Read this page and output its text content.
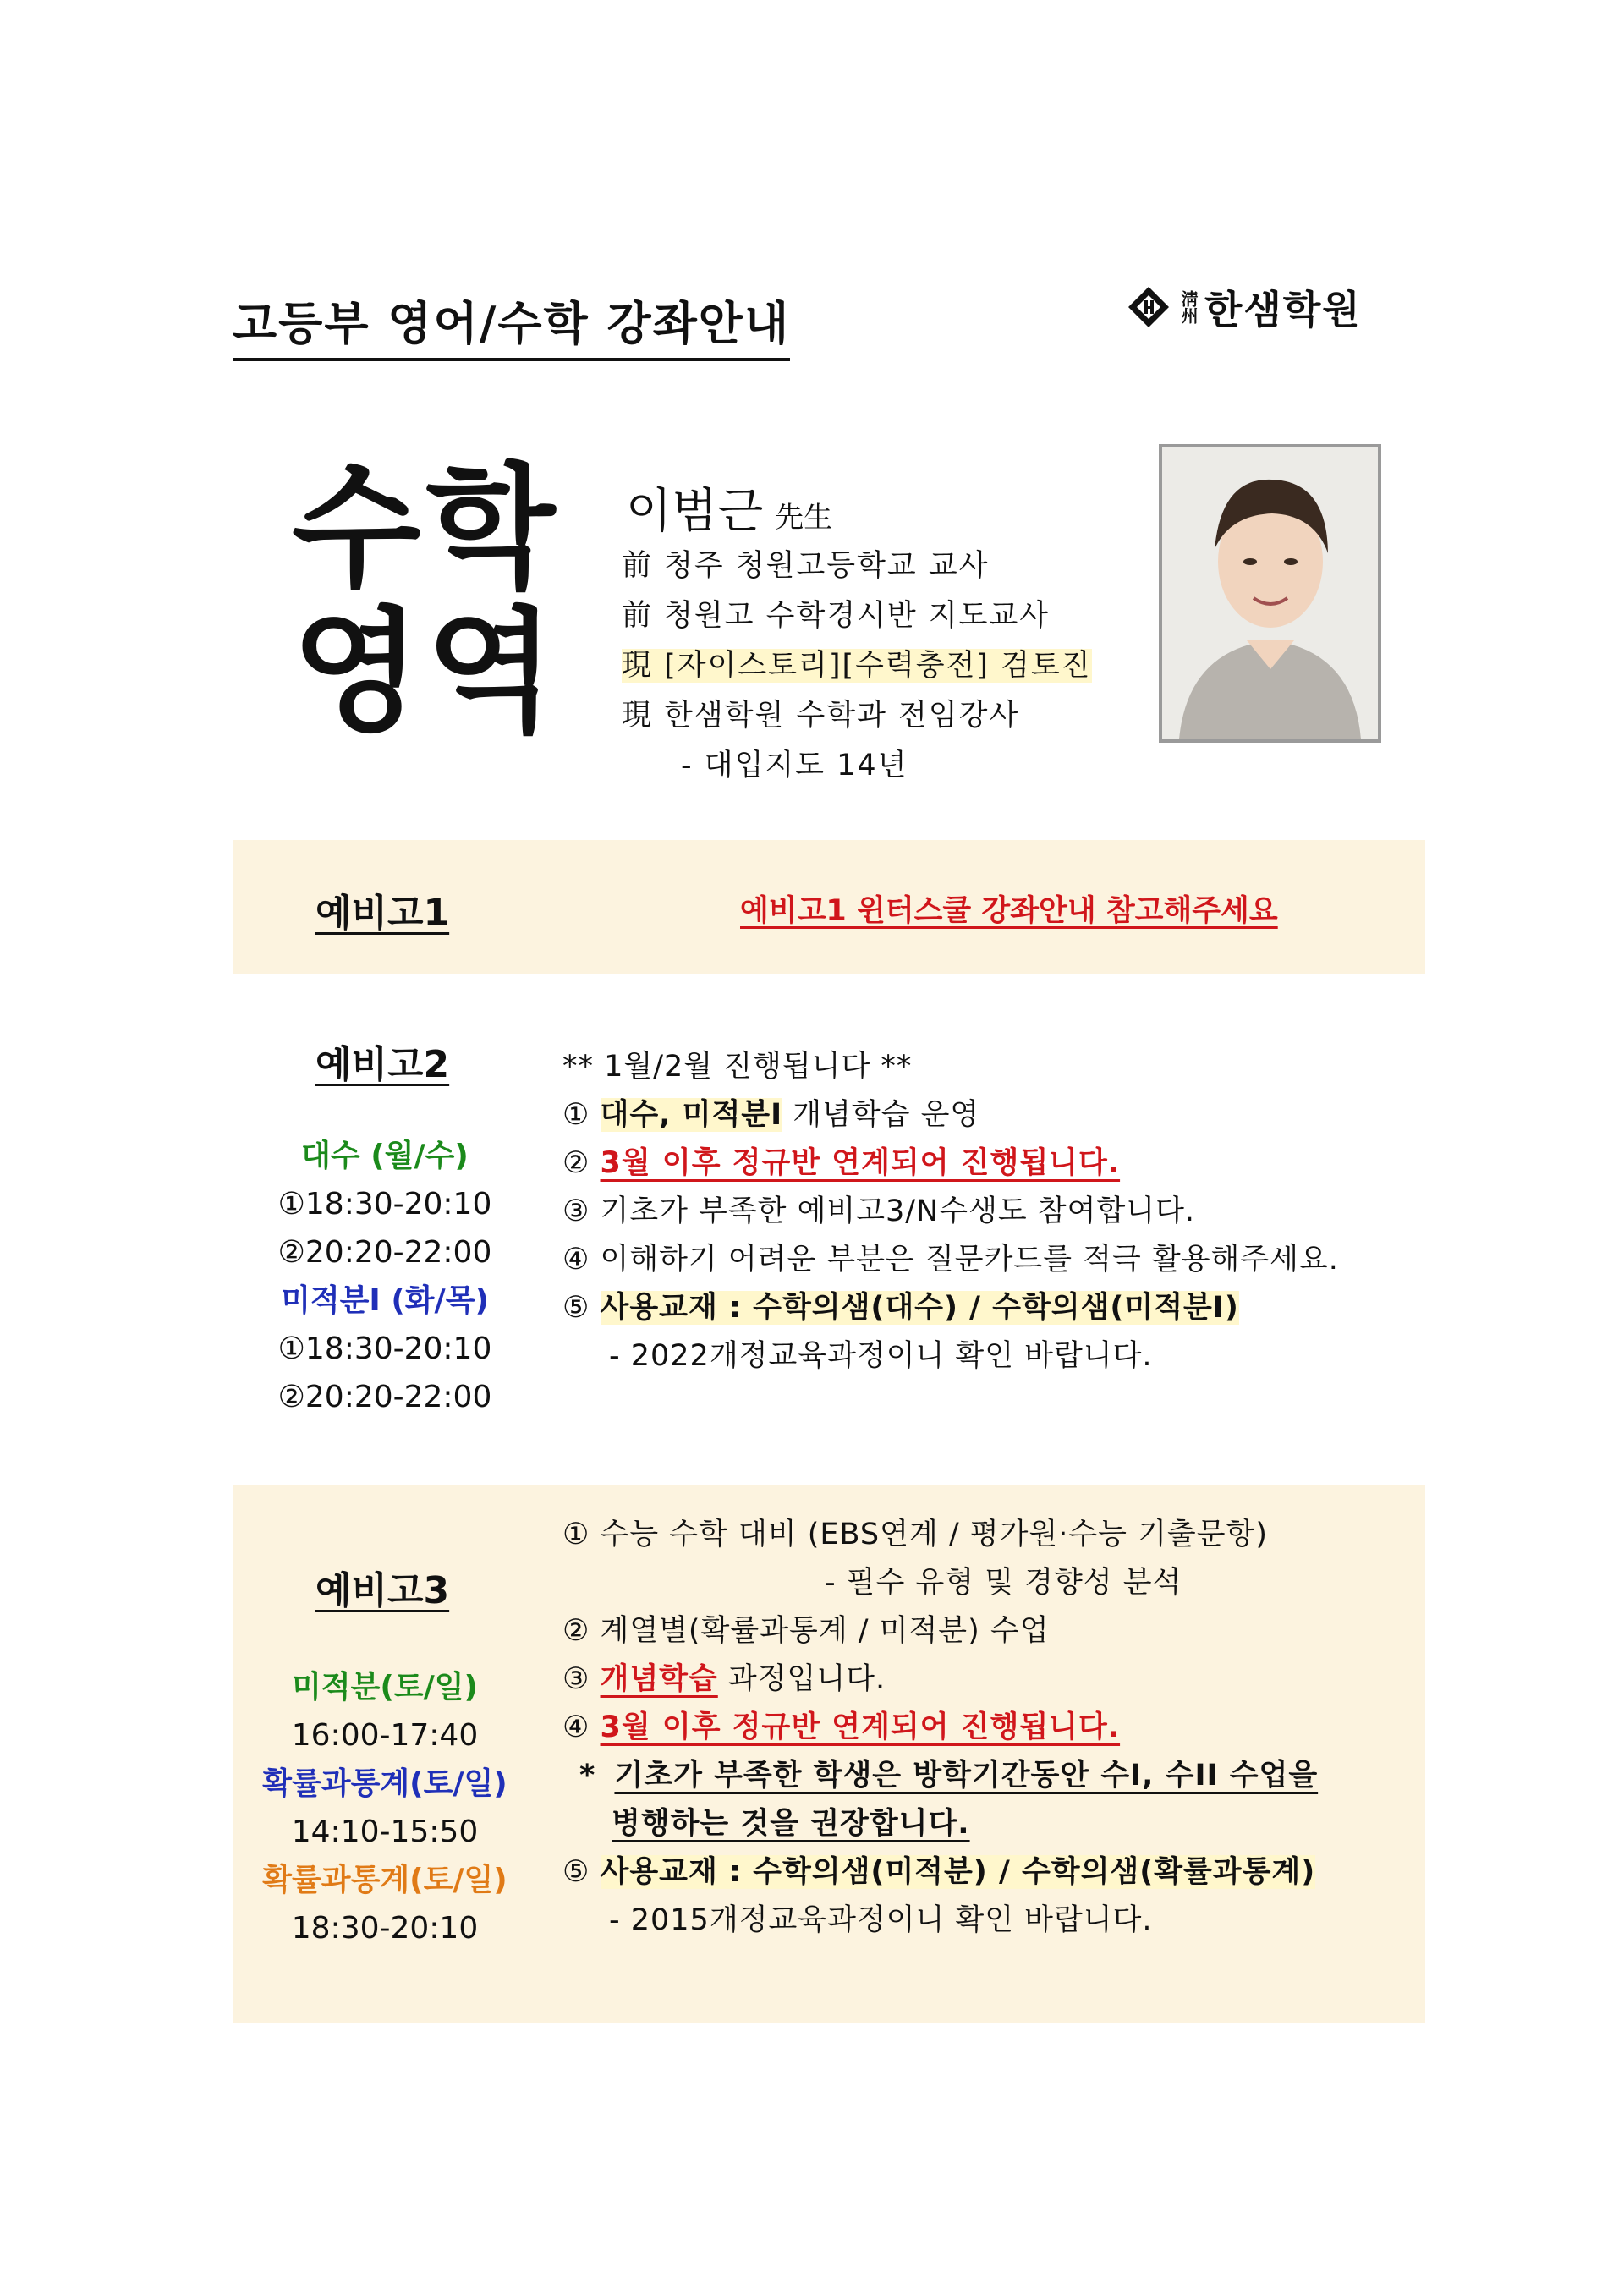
고등부 영어/수학 강좌안내	淸州 한샘학원
수학
영역
이범근 先生
前 청주 청원고등학교 교사
前 청원고 수학경시반 지도교사
現 [자이스토리][수력충전] 검토진
現 한샘학원 수학과 전임강사
- 대입지도 14년
예비고1	예비고1 윈터스쿨 강좌안내 참고해주세요
예비고2
대수 (월/수)
①18:30-20:10
②20:20-22:00
미적분I (화/목)
①18:30-20:10
②20:20-22:00
** 1월/2월 진행됩니다 **
① 대수, 미적분I 개념학습 운영
② 3월 이후 정규반 연계되어 진행됩니다.
③ 기초가 부족한 예비고3/N수생도 참여합니다.
④ 이해하기 어려운 부분은 질문카드를 적극 활용해주세요.
⑤ 사용교재 : 수학의샘(대수) / 수학의샘(미적분I)
- 2022개정교육과정이니 확인 바랍니다.
예비고3
미적분(토/일)
16:00-17:40
확률과통계(토/일)
14:10-15:50
확률과통계(토/일)
18:30-20:10
① 수능 수학 대비 (EBS연계 / 평가원·수능 기출문항)
- 필수 유형 및 경향성 분석
② 계열별(확률과통계 / 미적분) 수업
③ 개념학습 과정입니다.
④ 3월 이후 정규반 연계되어 진행됩니다.
* 기초가 부족한 학생은 방학기간동안 수I, 수II 수업을
병행하는 것을 권장합니다.
⑤ 사용교재 : 수학의샘(미적분) / 수학의샘(확률과통계)
- 2015개정교육과정이니 확인 바랍니다.
